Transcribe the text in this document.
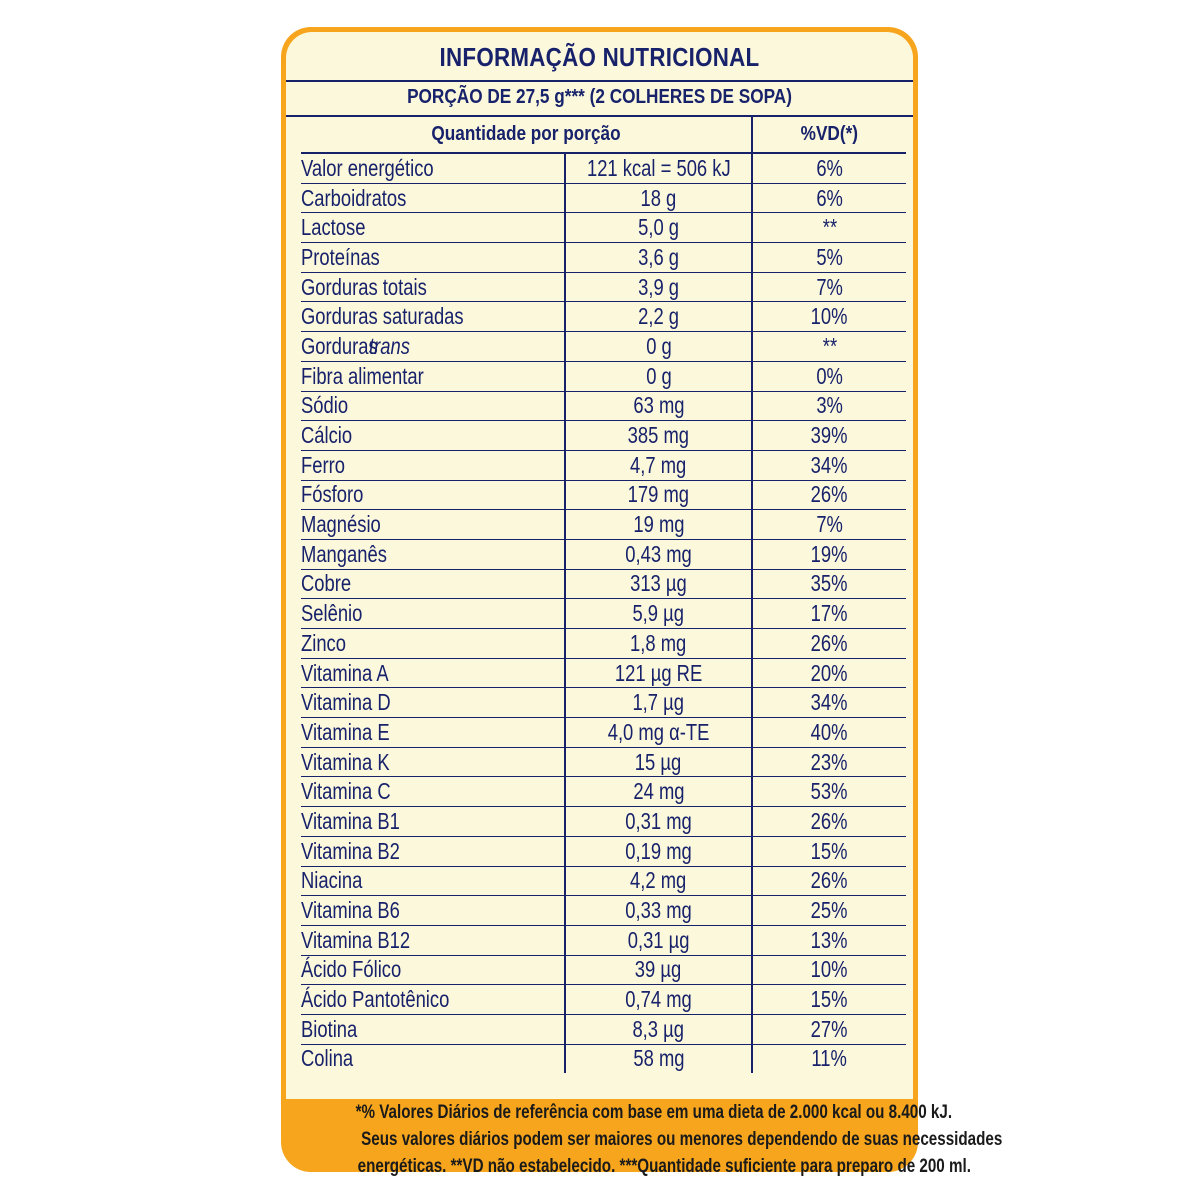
INFORMAÇÃO NUTRICIONAL
PORÇÃO DE 27,5 g*** (2 COLHERES DE SOPA)
Quantidade por porção		%VD(*)
Valor energético	121 kcal = 506 kJ	6%
Carboidratos	18 g	6%
Lactose	5,0 g	**
Proteínas	3,6 g	5%
Gorduras totais	3,9 g	7%
Gorduras saturadas	2,2 g	10%
Gordurastrans	0 g	**
Fibra alimentar	0 g	0%
Sódio	63 mg	3%
Cálcio	385 mg	39%
Ferro	4,7 mg	34%
Fósforo	179 mg	26%
Magnésio	19 mg	7%
Manganês	0,43 mg	19%
Cobre	313 µg	35%
Selênio	5,9 µg	17%
Zinco	1,8 mg	26%
Vitamina A	121 µg RE	20%
Vitamina D	1,7 µg	34%
Vitamina E	4,0 mg α-TE	40%
Vitamina K	15 µg	23%
Vitamina C	24 mg	53%
Vitamina B1	0,31 mg	26%
Vitamina B2	0,19 mg	15%
Niacina	4,2 mg	26%
Vitamina B6	0,33 mg	25%
Vitamina B12	0,31 µg	13%
Ácido Fólico	39 µg	10%
Ácido Pantotênico	0,74 mg	15%
Biotina	8,3 µg	27%
Colina	58 mg	11%
*% Valores Diários de referência com base em uma dieta de 2.000 kcal ou 8.400 kJ.
Seus valores diários podem ser maiores ou menores dependendo de suas necessidades
energéticas. **VD não estabelecido. ***Quantidade suficiente para preparo de 200 ml.
